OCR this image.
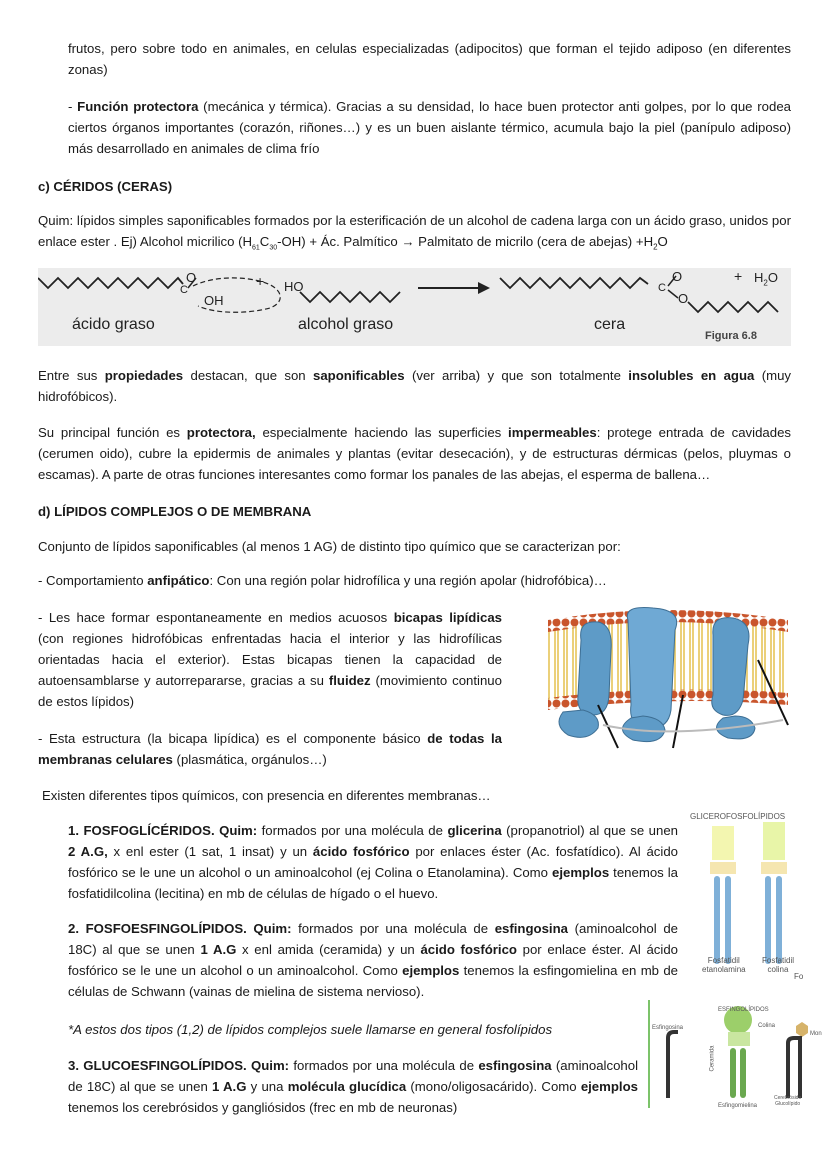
frutos, pero sobre todo en animales, en celulas especializadas (adipocitos) que forman el tejido adiposo (en diferentes zonas)
- Función protectora (mecánica y térmica). Gracias a su densidad, lo hace buen protector anti golpes, por lo que rodea ciertos órganos importantes (corazón, riñones…) y es un buen aislante térmico, acumula bajo la piel (panípulo adiposo) más desarrollado en animales de clima frío
c) CÉRIDOS (CERAS)
Quim: lípidos simples saponificables formados por la esterificación de un alcohol de cadena larga con un ácido graso, unidos por enlace ester . Ej) Alcohol micrilico $(H_{61}C_{30}-OH)$ + Ác. Palmítico → Palmitato de micrilo (cera de abejas) $+H_2O$
O
C
OH
+ HO
O
C
O
+ $H_2O$
ácido graso	alcohol graso	cera
Figura 6.8
Entre sus propiedades destacan, que son saponificables (ver arriba) y que son totalmente insolubles en agua (muy hidrofóbicos).
Su principal función es protectora, especialmente haciendo las superficies impermeables: protege entrada de cavidades (cerumen oido), cubre la epidermis de animales y plantas (evitar desecación), y de estructuras dérmicas (pelos, pluymas o escamas). A parte de otras funciones interesantes como formar los panales de las abejas, el esperma de ballena…
d) LÍPIDOS COMPLEJOS O DE MEMBRANA
Conjunto de lípidos saponificables (al menos 1 AG) de distinto tipo químico que se caracterizan por:
- Comportamiento anfipático: Con una región polar hidrofílica y una región apolar (hidrofóbica)…
- Les hace formar espontaneamente en medios acuosos bicapas lipídicas (con regiones hidrofóbicas enfrentadas hacia el interior y las hidrofílicas orientadas hacia el exterior). Estas bicapas tienen la capacidad de autoensamblarse y autorrepararse, gracias a su fluidez (movimiento continuo de estos lípidos)
- Esta estructura (la bicapa lipídica) es el componente básico de todas la membranas celulares (plasmática, orgánulos…)
Existen diferentes tipos químicos, con presencia en diferentes membranas…
1. FOSFOGLÍCÉRIDOS. Quim: formados por una molécula de glicerina (propanotriol) al que se unen 2 A.G, x enl ester (1 sat, 1 insat) y un ácido fosfórico por enlaces éster (Ac. fosfatídico). Al ácido fosfórico se le une un alcohol o un aminoalcohol (ej Colina o Etanolamina). Como ejemplos tenemos la fosfatidilcolina (lecitina) en mb de células de hígado o el huevo.
2. FOSFOESFINGOLÍPIDOS. Quim: formados por una molécula de esfingosina (aminoalcohol de 18C) al que se unen 1 A.G x enl amida (ceramida) y un ácido fosfórico por enlace éster. Al ácido fosfórico se le une un alcohol o un aminoalcohol. Como ejemplos tenemos la esfingomielina en mb de células de Schwann (vainas de mielina de sistema nervioso).
*A estos dos tipos (1,2) de lípidos complejos suele llamarse en general fosfolípidos
3. GLUCOESFINGOLÍPIDOS. Quim: formados por una molécula de esfingosina (aminoalcohol de 18C) al que se unen 1 A.G y una molécula glucídica (mono/oligosacárido). Como ejemplos tenemos los cerebrósidos y gangliósidos (frec en mb de neuronas)
GLICEROFOSFOLÍPIDOS
Fosfatidil
etanolamina
Fosfatidil
colina
Fo
ESFINGOLÍPIDOS
Esfingosina	Colina
Ceramida
Esfingomielina
Cerebrósido
Glucolípido
Mon
